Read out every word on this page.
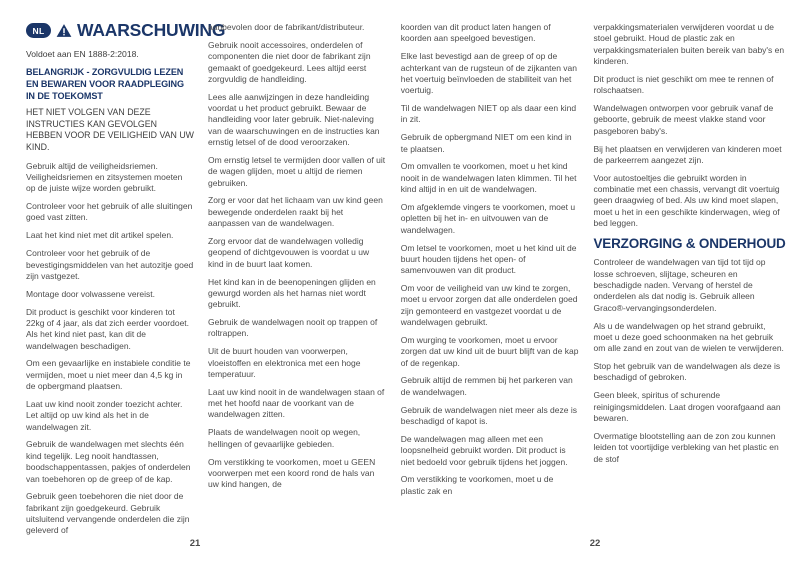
NL	WAARSCHUWING

Voldoet aan EN 1888-2:2018.

BELANGRIJK - ZORGVULDIG LEZEN EN BEWAREN VOOR RAADPLEGING IN DE TOEKOMST

HET NIET VOLGEN VAN DEZE INSTRUCTIES KAN GEVOLGEN HEBBEN VOOR DE VEILIGHEID VAN UW KIND.

Gebruik altijd de veiligheidsriemen. Veiligheidsriemen en zitsystemen moeten op de juiste wijze worden gebruikt.

Controleer voor het gebruik of alle sluitingen goed vast zitten.

Laat het kind niet met dit artikel spelen.

Controleer voor het gebruik of de bevestigingsmiddelen van het autozitje goed zijn vastgezet.

Montage door volwassene vereist.

Dit product is geschikt voor kinderen tot 22kg of 4 jaar, als dat zich eerder voordoet. Als het kind niet past, kan dit de wandelwagen beschadigen.

Om een gevaarlijke en instabiele conditie te vermijden, moet u niet meer dan 4,5 kg in de opbergmand plaatsen.

Laat uw kind nooit zonder toezicht achter. Let altijd op uw kind als het in de wandelwagen zit.

Gebruik de wandelwagen met slechts één kind tegelijk. Leg nooit handtassen, boodschappentassen, pakjes of onderdelen van toebehoren op de greep of de kap.

Gebruik geen toebehoren die niet door de fabrikant zijn goedgekeurd. Gebruik uitsluitend vervangende onderdelen die zijn geleverd of

aanbevolen door de fabrikant/distributeur.

Gebruik nooit accessoires, onderdelen of componenten die niet door de fabrikant zijn gemaakt of goedgekeurd. Lees altijd eerst zorgvuldig de handleiding.

Lees alle aanwijzingen in deze handleiding voordat u het product gebruikt. Bewaar de handleiding voor later gebruik. Niet-naleving van de waarschuwingen en de instructies kan ernstig letsel of de dood veroorzaken.

Om ernstig letsel te vermijden door vallen of uit de wagen glijden, moet u altijd de riemen gebruiken.

Zorg er voor dat het lichaam van uw kind geen bewegende onderdelen raakt bij het aanpassen van de wandelwagen.

Zorg ervoor dat de wandelwagen volledig geopend of dichtgevouwen is voordat u uw kind in de buurt laat komen.

Het kind kan in de beenopeningen glijden en gewurgd worden als het harnas niet wordt gebruikt.

Gebruik de wandelwagen nooit op trappen of roltrappen.

Uit de buurt houden van voorwerpen, vloeistoffen en elektronica met een hoge temperatuur.

Laat uw kind nooit in de wandelwagen staan of met het hoofd naar de voorkant van de wandelwagen zitten.

Plaats de wandelwagen nooit op wegen, hellingen of gevaarlijke gebieden.

Om verstikking te voorkomen, moet u GEEN voorwerpen met een koord rond de hals van uw kind hangen, de

koorden van dit product laten hangen of koorden aan speelgoed bevestigen.

Elke last bevestigd aan de greep of op de achterkant van de rugsteun of de zijkanten van het voertuig beïnvloeden de stabiliteit van het voertuig.

Til de wandelwagen NIET op als daar een kind in zit.

Gebruik de opbergmand NIET om een kind in te plaatsen.

Om omvallen te voorkomen, moet u het kind nooit in de wandelwagen laten klimmen. Til het kind altijd in en uit de wandelwagen.

Om afgeklemde vingers te voorkomen, moet u opletten bij het in- en uitvouwen van de wandelwagen.

Om letsel te voorkomen, moet u het kind uit de buurt houden tijdens het open- of samenvouwen van dit product.

Om voor de veiligheid van uw kind te zorgen, moet u ervoor zorgen dat alle onderdelen goed zijn gemonteerd en vastgezet voordat u de wandelwagen gebruikt.

Om wurging te voorkomen, moet u ervoor zorgen dat uw kind uit de buurt blijft van de kap of de regenkap.

Gebruik altijd de remmen bij het parkeren van de wandelwagen.

Gebruik de wandelwagen niet meer als deze is beschadigd of kapot is.

De wandelwagen mag alleen met een loopsnelheid gebruikt worden. Dit product is niet bedoeld voor gebruik tijdens het joggen.

Om verstikking te voorkomen, moet u de plastic zak en

verpakkingsmaterialen verwijderen voordat u de stoel gebruikt. Houd de plastic zak en verpakkingsmaterialen buiten bereik van baby's en kinderen.

Dit product is niet geschikt om mee te rennen of rolschaatsen.

Wandelwagen ontworpen voor gebruik vanaf de geboorte, gebruik de meest vlakke stand voor pasgeboren baby's.

Bij het plaatsen en verwijderen van kinderen moet de parkeerrem aangezet zijn.

Voor autostoeltjes die gebruikt worden in combinatie met een chassis, vervangt dit voertuig geen draagwieg of bed. Als uw kind moet slapen, moet u het in een geschikte kinderwagen, wieg of bed leggen.

VERZORGING & ONDERHOUD

Controleer de wandelwagen van tijd tot tijd op losse schroeven, slijtage, scheuren en beschadigde naden. Vervang of herstel de onderdelen als dat nodig is. Gebruik alleen Graco®-vervangingsonderdelen.

Als u de wandelwagen op het strand gebruikt, moet u deze goed schoonmaken na het gebruik om alle zand en zout van de wielen te verwijderen.

Stop het gebruik van de wandelwagen als deze is beschadigd of gebroken.

Geen bleek, spiritus of schurende reinigingsmiddelen. Laat drogen voorafgaand aan bewaren.

Overmatige blootstelling aan de zon zou kunnen leiden tot voortijdige verbleking van het plastic en de stof

21	22
